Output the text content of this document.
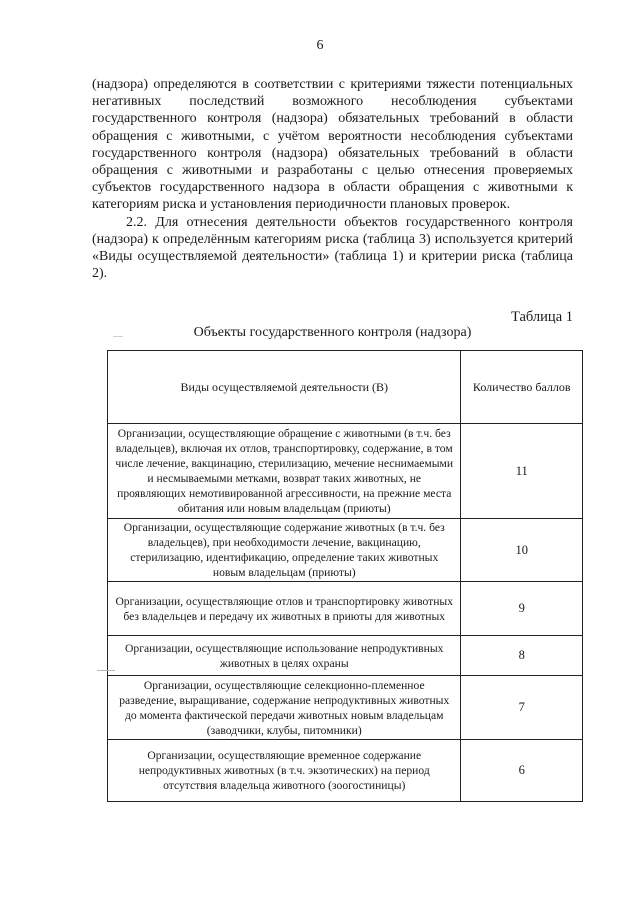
6

(надзора) определяются в соответствии с критериями тяжести потенциальных негативных последствий возможного несоблюдения субъектами государственного контроля (надзора) обязательных требований в области обращения с животными, с учётом вероятности несоблюдения субъектами государственного контроля (надзора) обязательных требований в области обращения с животными и разработаны с целью отнесения проверяемых субъектов государственного надзора в области обращения с животными к категориям риска и установления периодичности плановых проверок.

2.2. Для отнесения деятельности объектов государственного контроля (надзора) к определённым категориям риска (таблица 3) используется критерий «Виды осуществляемой деятельности» (таблица 1) и критерии риска (таблица 2).

Таблица 1
Объекты государственного контроля (надзора)
Виды осуществляемой деятельности (В)	Количество баллов
Организации, осуществляющие обращение с животными (в т.ч. без владельцев), включая их отлов, транспортировку, содержание, в том числе лечение, вакцинацию, стерилизацию, мечение неснимаемыми и несмываемыми метками, возврат таких животных, не проявляющих немотивированной агрессивности, на прежние места обитания или новым владельцам (приюты)	11
Организации, осуществляющие содержание животных (в т.ч. без владельцев), при необходимости лечение, вакцинацию, стерилизацию, идентификацию, определение таких животных новым владельцам (приюты)	10
Организации, осуществляющие отлов и транспортировку животных без владельцев и передачу их животных в приюты для животных	9
Организации, осуществляющие использование непродуктивных животных в целях охраны	8
Организации, осуществляющие селекционно-племенное разведение, выращивание, содержание непродуктивных животных до момента фактической передачи животных новым владельцам (заводчики, клубы, питомники)	7
Организации, осуществляющие временное содержание непродуктивных животных (в т.ч. экзотических) на период отсутствия владельца животного (зоогостиницы)	6
